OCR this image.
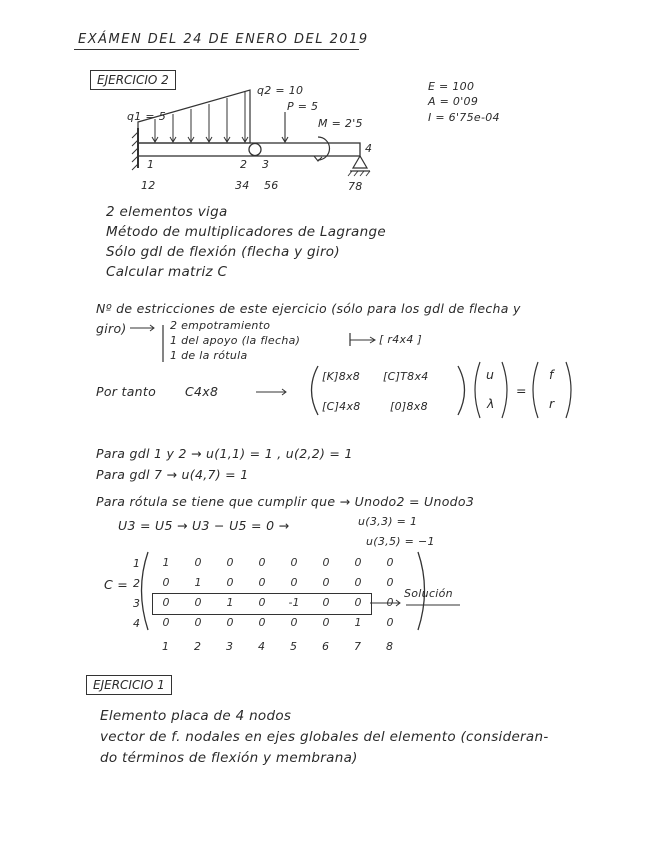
EXÁMEN DEL 24 DE ENERO DEL 2019
EJERCICIO 2
q1 = 5
q2 = 10
P = 5
M = 2'5
1	2 3
4
12	34 56	78
E = 100
A = 0'09
I = 6'75e-04
2 elementos viga
Método de multiplicadores de Lagrange
Sólo gdl de flexión (flecha y giro)
Calcular matriz C
Nº de estricciones de este ejercicio (sólo para los gdl de flecha y
giro)	2 empotramiento
1 del apoyo (la flecha)
1 de la rótula
[ r4x4 ]
Por tanto C4x8
[K]8x8 [C]T8x4
[C]4x8	[0]8x8
u
λ
=
f
r
Para gdl 1 y 2 → u(1,1) = 1 , u(2,2) = 1
Para gdl 7 → u(4,7) = 1
Para rótula se tiene que cumplir que → Unodo2 = Unodo3
U3 = U5 → U3 − U5 = 0 →	u(3,3) = 1
u(3,5) = −1
C =
1
2
3
4
1	0	0	0	0	0	0	0
0	1	0	0	0	0	0	0
0	0	1	0	-1	0	0	0
0	0	0	0	0	0	1	0
Solución
1 2 3 4 5 6 7 8
EJERCICIO 1
Elemento placa de 4 nodos
vector de f. nodales en ejes globales del elemento (consideran-
do términos de flexión y membrana)
